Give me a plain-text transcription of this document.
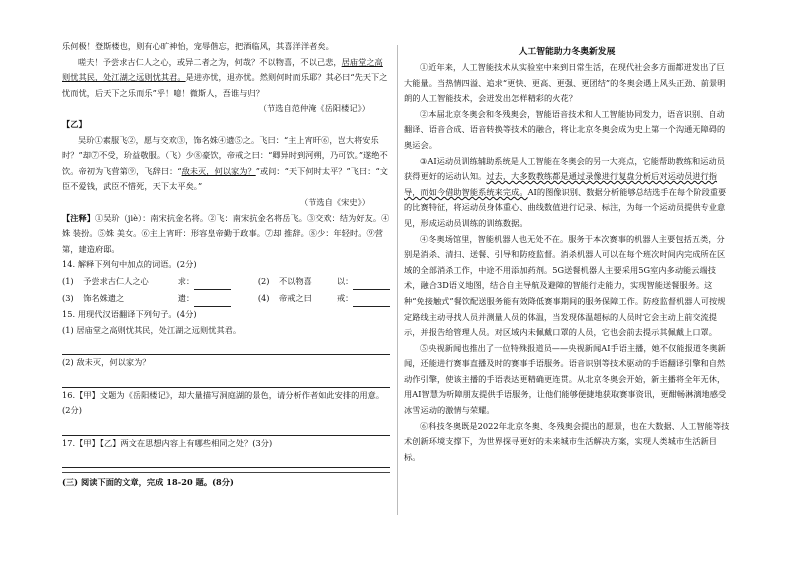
乐何极！登斯楼也，则有心旷神怡，宠辱偕忘，把酒临风，其喜洋洋者矣。

嗟夫！予尝求古仁人之心，或异二者之为，何哉？不以物喜，不以己悲，居庙堂之高则忧其民，处江湖之远则忧其君。是进亦忧，退亦忧。然则何时而乐耶？其必曰“先天下之忧而忧，后天下之乐而乐”乎！噫！微斯人，吾谁与归？

（节选自范仲淹《岳阳楼记》）
【乙】

吴玠①素服飞②，愿与交欢③，饰名姝④遗⑤之。飞曰：“主上宵旰⑥，岂大将安乐时？”却⑦不受，玠益敬服。（飞）少⑧豪饮，帝戒之曰：“卿异时到河朔，乃可饮。”遂绝不饮。帝初为飞营第⑨，飞辞曰：“敌未灭，何以家为？”或问：“天下何时太平？”飞曰：“文臣不爱钱，武臣不惜死，天下太平矣。”

（节选自《宋史》）

【注释】①吴玠（jiè）：南宋抗金名将。②飞：南宋抗金名将岳飞。③交欢：结为好友。④姝 装扮。⑤姝 美女。⑥主上宵旰：形容皇帝勤于政事。⑦却 推辞。⑧少：年轻时。⑨营第，建造府邸。

14. 解释下列句中加点的词语。(2分)
(1)	予尝求古仁人之心	求：	(2)	不以物喜	以：
(3)	饰名姝遗之	遗：	(4)	帝戒之曰	戒：
15. 用现代汉语翻译下列句子。(4分)
(1) 居庙堂之高则忧其民，处江湖之远则忧其君。
(2) 敌未灭，何以家为？
16.【甲】文题为《岳阳楼记》，却大量描写洞庭湖的景色，请分析作者如此安排的用意。(2分)
17.【甲】【乙】两文在思想内容上有哪些相同之处？(3分)
(三) 阅读下面的文章，完成 18-20 题。(8分)
人工智能助力冬奥新发展

①近年来，人工智能技术从实验室中来到日常生活，在现代社会多方面都迸发出了巨大能量。当热情四溢、追求“更快、更高、更强、更团结”的冬奥会遇上风头正劲、前景明朗的人工智能技术，会迸发出怎样精彩的火花？

②本届北京冬奥会和冬残奥会，智能语音技术和人工智能协同发力，语音识别、自动翻译、语音合成、语音转换等技术的融合，将让北京冬奥会成为史上第一个沟通无障碍的奥运会。

③AI运动员训练辅助系统是人工智能在冬奥会的另一大亮点，它能帮助教练和运动员获得更好的运动认知。过去，大多数教练都是通过录像进行复盘分析后对运动员进行指导，而如今借助智能系统来完成。AI的图像识别、数据分析能够总结选手在每个阶段重要的比赛特征，将运动员身体重心、曲线数值进行记录、标注，为每一个运动员提供专业意见，形成运动员训练的训练数据。

④冬奥场馆里，智能机器人也无处不在。服务于本次赛事的机器人主要包括五类，分别是消杀、清扫、送餐、引导和防疫监督。消杀机器人可以在每个班次时间内完成所在区域的全部消杀工作，中途不用添加药剂。5G送餐机器人主要采用5G室内多动能云端技术，融合3D语义地图，结合自主导航及避障的智能行走能力，实现智能送餐服务。这种“免接触式”餐饮配送服务能有效降低赛事期间的服务保障工作。防疫监督机器人可按规定路线主动寻找人员并测量人员的体温，当发现体温超标的人员时它会主动上前交流提示，并报告给管理人员。对区域内未佩戴口罩的人员，它也会前去提示其佩戴上口罩。

⑤央视新闻也推出了一位特殊报道员——央视新闻AI手语主播，她不仅能报道冬奥新闻，还能进行赛事直播及时的赛事手语服务。语音识别等技术驱动的手语翻译引擎和自然动作引擎，使该主播的手语表达更精确更连贯。从北京冬奥会开始，新主播将全年无休，用AI智慧为听障朋友提供手语服务，让他们能够便捷地获取赛事资讯，更酣畅淋漓地感受冰雪运动的激情与荣耀。

⑥科技冬奥既是2022年北京冬奥、冬残奥会提出的愿景，也在大数据、人工智能等技术创新环境支撑下，为世界探寻更好的未来城市生活解决方案，实现人类城市生活新目标。
